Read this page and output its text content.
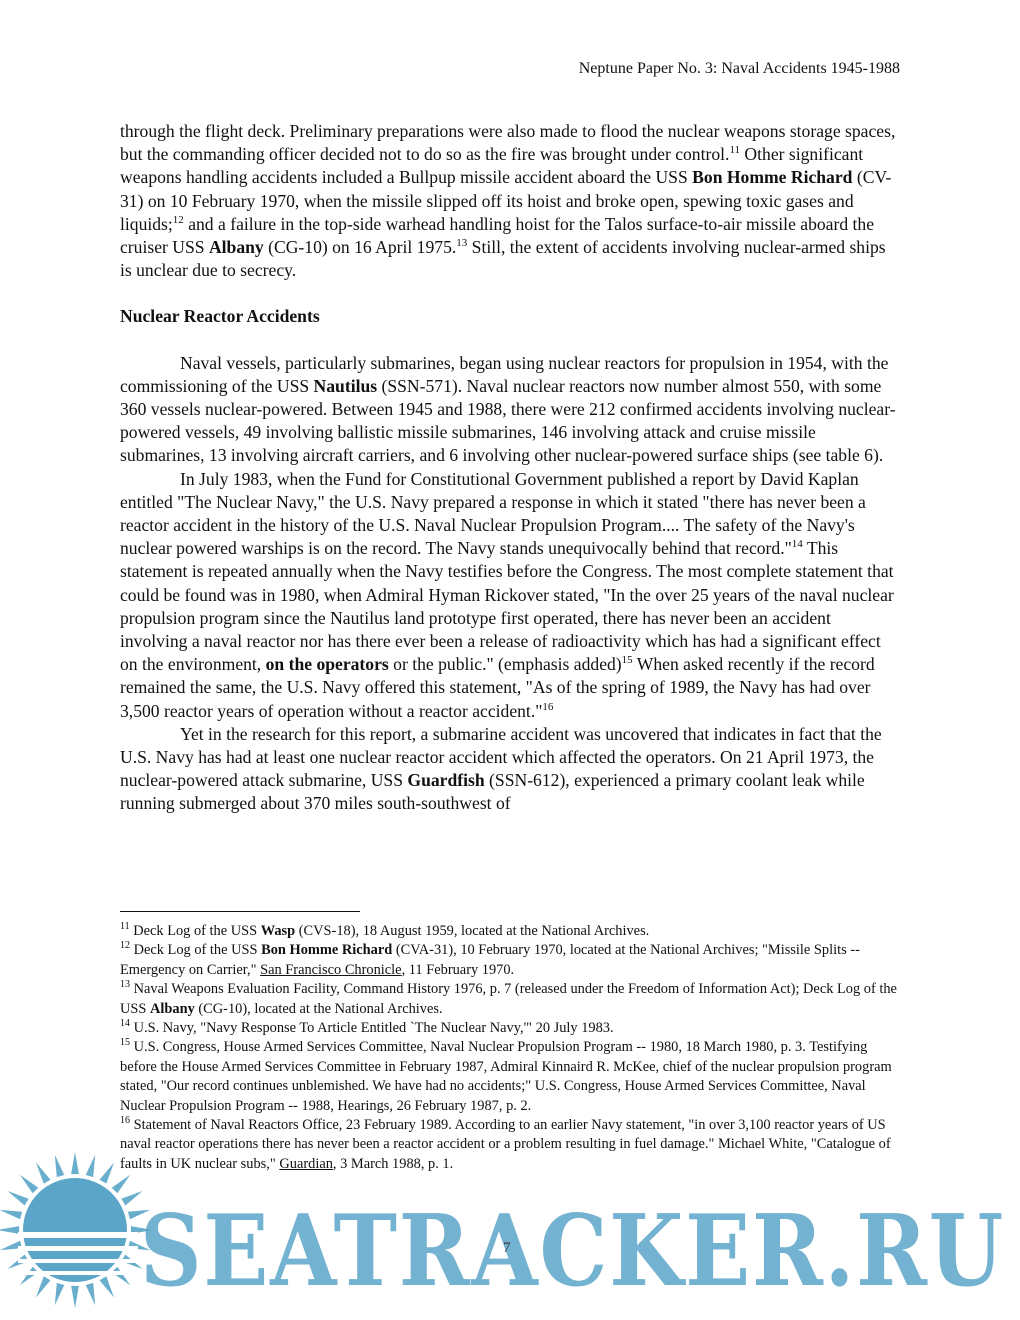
Neptune Paper No. 3: Naval Accidents 1945-1988

through the flight deck. Preliminary preparations were also made to flood the nuclear weapons storage spaces, but the commanding officer decided not to do so as the fire was brought under control.$^{11}$ Other significant weapons handling accidents included a Bullpup missile accident aboard the USS Bon Homme Richard (CV-31) on 10 February 1970, when the missile slipped off its hoist and broke open, spewing toxic gases and liquids;$^{12}$ and a failure in the top-side warhead handling hoist for the Talos surface-to-air missile aboard the cruiser USS Albany (CG-10) on 16 April 1975.13 Still, the extent of accidents involving nuclear-armed ships is unclear due to secrecy.

Nuclear Reactor Accidents

Naval vessels, particularly submarines, began using nuclear reactors for propulsion in 1954, with the commissioning of the USS Nautilus (SSN-571). Naval nuclear reactors now number almost 550, with some 360 vessels nuclear-powered. Between 1945 and 1988, there were 212 confirmed accidents involving nuclear-powered vessels, 49 involving ballistic missile submarines, 146 involving attack and cruise missile submarines, 13 involving aircraft carriers, and 6 involving other nuclear-powered surface ships (see table 6).

In July 1983, when the Fund for Constitutional Government published a report by David Kaplan entitled "The Nuclear Navy," the U.S. Navy prepared a response in which it stated "there has never been a reactor accident in the history of the U.S. Naval Nuclear Propulsion Program.... The safety of the Navy's nuclear powered warships is on the record. The Navy stands unequivocally behind that record."$^{14}$ This statement is repeated annually when the Navy testifies before the Congress. The most complete statement that could be found was in 1980, when Admiral Hyman Rickover stated, "In the over 25 years of the naval nuclear propulsion program since the Nautilus land prototype first operated, there has never been an accident involving a naval reactor nor has there ever been a release of radioactivity which has had a significant effect on the environment, on the operators or the public." (emphasis added)$^{15}$ When asked recently if the record remained the same, the U.S. Navy offered this statement, "As of the spring of 1989, the Navy has had over 3,500 reactor years of operation without a reactor accident."$^{16}$

Yet in the research for this report, a submarine accident was uncovered that indicates in fact that the U.S. Navy has had at least one nuclear reactor accident which affected the operators. On 21 April 1973, the nuclear-powered attack submarine, USS Guardfish (SSN-612), experienced a primary coolant leak while running submerged about 370 miles south-southwest of

$^{11}$ Deck Log of the USS Wasp (CVS-18), 18 August 1959, located at the National Archives.

$^{12}$ Deck Log of the USS Bon Homme Richard (CVA-31), 10 February 1970, located at the National Archives; "Missile Splits -- Emergency on Carrier," San Francisco Chronicle, 11 February 1970.

$^{13}$ Naval Weapons Evaluation Facility, Command History 1976, p. 7 (released under the Freedom of Information Act); Deck Log of the USS Albany (CG-10), located at the National Archives.

$^{14}$ U.S. Navy, "Navy Response To Article Entitled `The Nuclear Navy,'" 20 July 1983.

$^{15}$ U.S. Congress, House Armed Services Committee, Naval Nuclear Propulsion Program -- 1980, 18 March 1980, p. 3. Testifying before the House Armed Services Committee in February 1987, Admiral Kinnaird R. McKee, chief of the nuclear propulsion program stated, "Our record continues unblemished. We have had no accidents;" U.S. Congress, House Armed Services Committee, Naval Nuclear Propulsion Program -- 1988, Hearings, 26 February 1987, p. 2.

$^{16}$ Statement of Naval Reactors Office, 23 February 1989. According to an earlier Navy statement, "in over 3,100 reactor years of US naval reactor operations there has never been a reactor accident or a problem resulting in fuel damage." Michael White, "Catalogue of faults in UK nuclear subs," Guardian, 3 March 1988, p. 1.

SEATRACKER.RU
7
